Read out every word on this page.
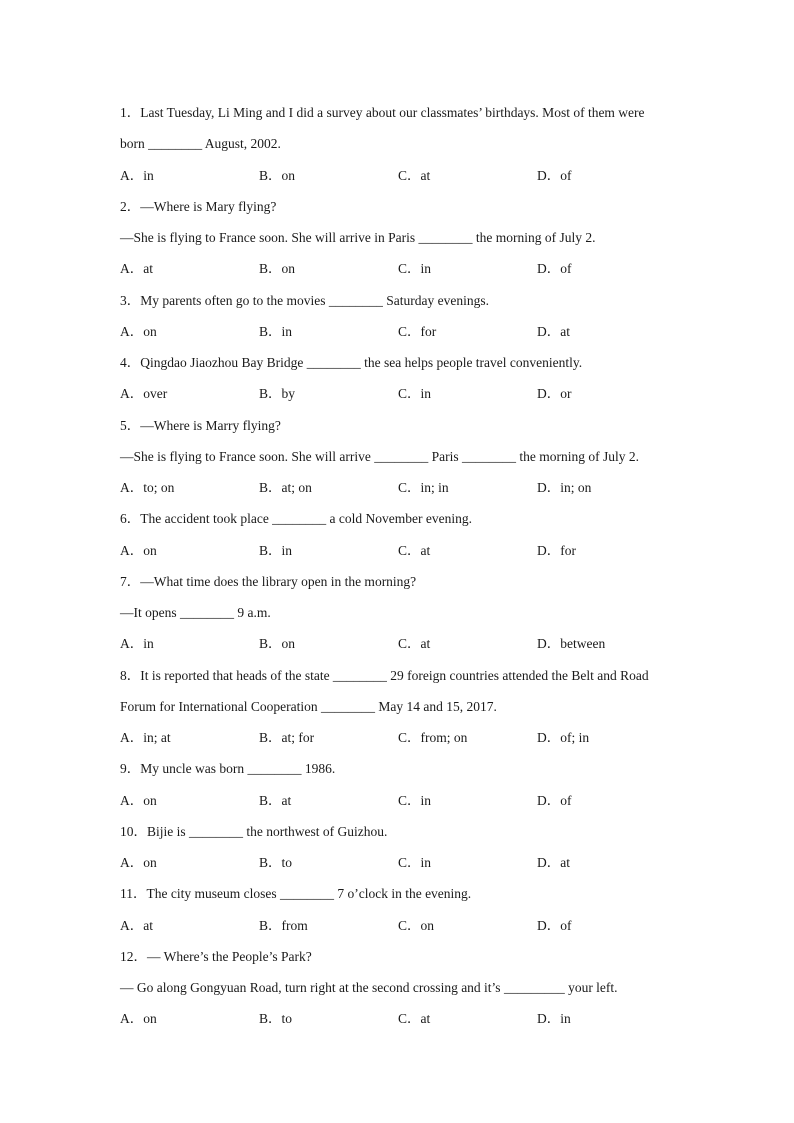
1．Last Tuesday, Li Ming and I did a survey about our classmates’ birthdays. Most of them were
born ________ August, 2002.
A．in	B．on	C．at	D．of
2．—Where is Mary flying?
—She is flying to France soon. She will arrive in Paris ________ the morning of July 2.
A．at	B．on	C．in	D．of
3．My parents often go to the movies ________ Saturday evenings.
A．on	B．in	C．for	D．at
4．Qingdao Jiaozhou Bay Bridge ________ the sea helps people travel conveniently.
A．over	B．by	C．in	D．or
5．—Where is Marry flying?
—She is flying to France soon. She will arrive ________ Paris ________ the morning of July 2.
A．to; on	B．at; on	C．in; in	D．in; on
6．The accident took place ________ a cold November evening.
A．on	B．in	C．at	D．for
7．—What time does the library open in the morning?
—It opens ________ 9 a.m.
A．in	B．on	C．at	D．between
8．It is reported that heads of the state ________ 29 foreign countries attended the Belt and Road
Forum for International Cooperation ________ May 14 and 15, 2017.
A．in; at	B．at; for	C．from; on	D．of; in
9．My uncle was born ________ 1986.
A．on	B．at	C．in	D．of
10．Bijie is ________ the northwest of Guizhou.
A．on	B．to	C．in	D．at
11．The city museum closes ________ 7 o’clock in the evening.
A．at	B．from	C．on	D．of
12．— Where’s the People’s Park?
— Go along Gongyuan Road, turn right at the second crossing and it’s _________ your left.
A．on	B．to	C．at	D．in
